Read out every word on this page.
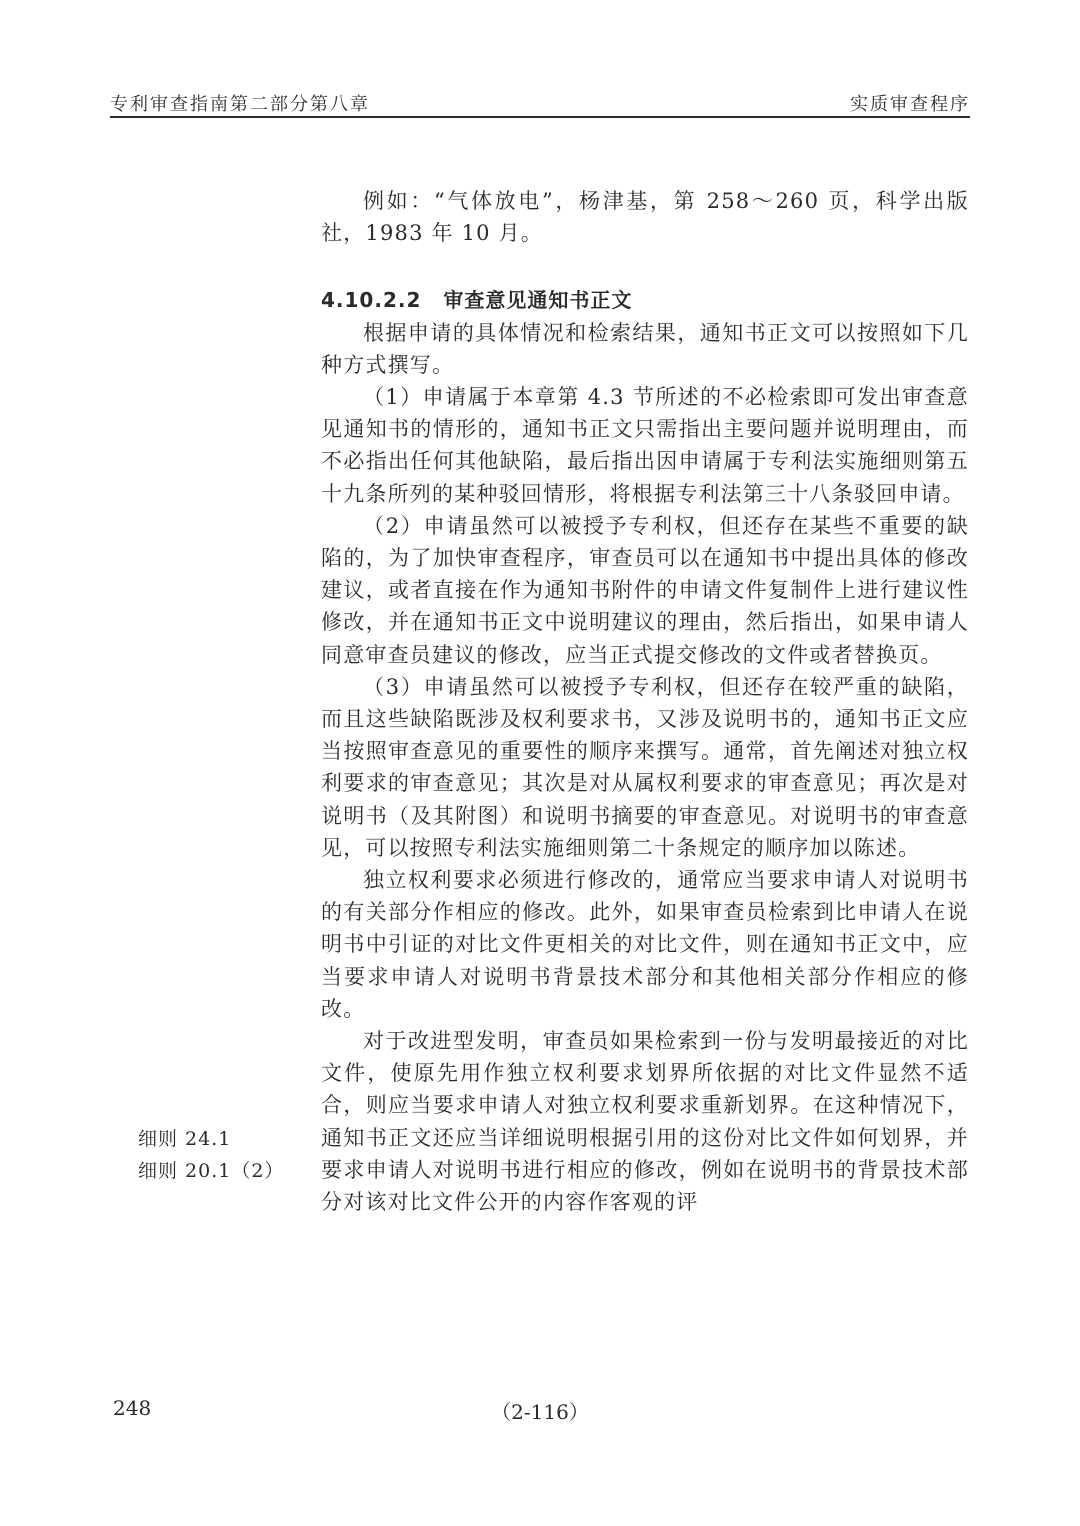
专利审查指南第二部分第八章	实质审查程序

例如：“气体放电”，杨津基，第 258～260 页，科学出版社，1983 年 10 月。

4.10.2.2 审查意见通知书正文

根据申请的具体情况和检索结果，通知书正文可以按照如下几种方式撰写。

（1）申请属于本章第 4.3 节所述的不必检索即可发出审查意见通知书的情形的，通知书正文只需指出主要问题并说明理由，而不必指出任何其他缺陷，最后指出因申请属于专利法实施细则第五十九条所列的某种驳回情形，将根据专利法第三十八条驳回申请。

（2）申请虽然可以被授予专利权，但还存在某些不重要的缺陷的，为了加快审查程序，审查员可以在通知书中提出具体的修改建议，或者直接在作为通知书附件的申请文件复制件上进行建议性修改，并在通知书正文中说明建议的理由，然后指出，如果申请人同意审查员建议的修改，应当正式提交修改的文件或者替换页。

（3）申请虽然可以被授予专利权，但还存在较严重的缺陷，而且这些缺陷既涉及权利要求书，又涉及说明书的，通知书正文应当按照审查意见的重要性的顺序来撰写。通常，首先阐述对独立权利要求的审查意见；其次是对从属权利要求的审查意见；再次是对说明书（及其附图）和说明书摘要的审查意见。对说明书的审查意见，可以按照专利法实施细则第二十条规定的顺序加以陈述。

独立权利要求必须进行修改的，通常应当要求申请人对说明书的有关部分作相应的修改。此外，如果审查员检索到比申请人在说明书中引证的对比文件更相关的对比文件，则在通知书正文中，应当要求申请人对说明书背景技术部分和其他相关部分作相应的修改。

对于改进型发明，审查员如果检索到一份与发明最接近的对比文件，使原先用作独立权利要求划界所依据的对比文件显然不适合，则应当要求申请人对独立权利要求重新划界。在这种情况下，通知书正文还应当详细说明根据引用的这份对比文件如何划界，并要求申请人对说明书进行相应的修改，例如在说明书的背景技术部分对该对比文件公开的内容作客观的评

细则 24.1
细则 20.1（2）
248	（2-116）
